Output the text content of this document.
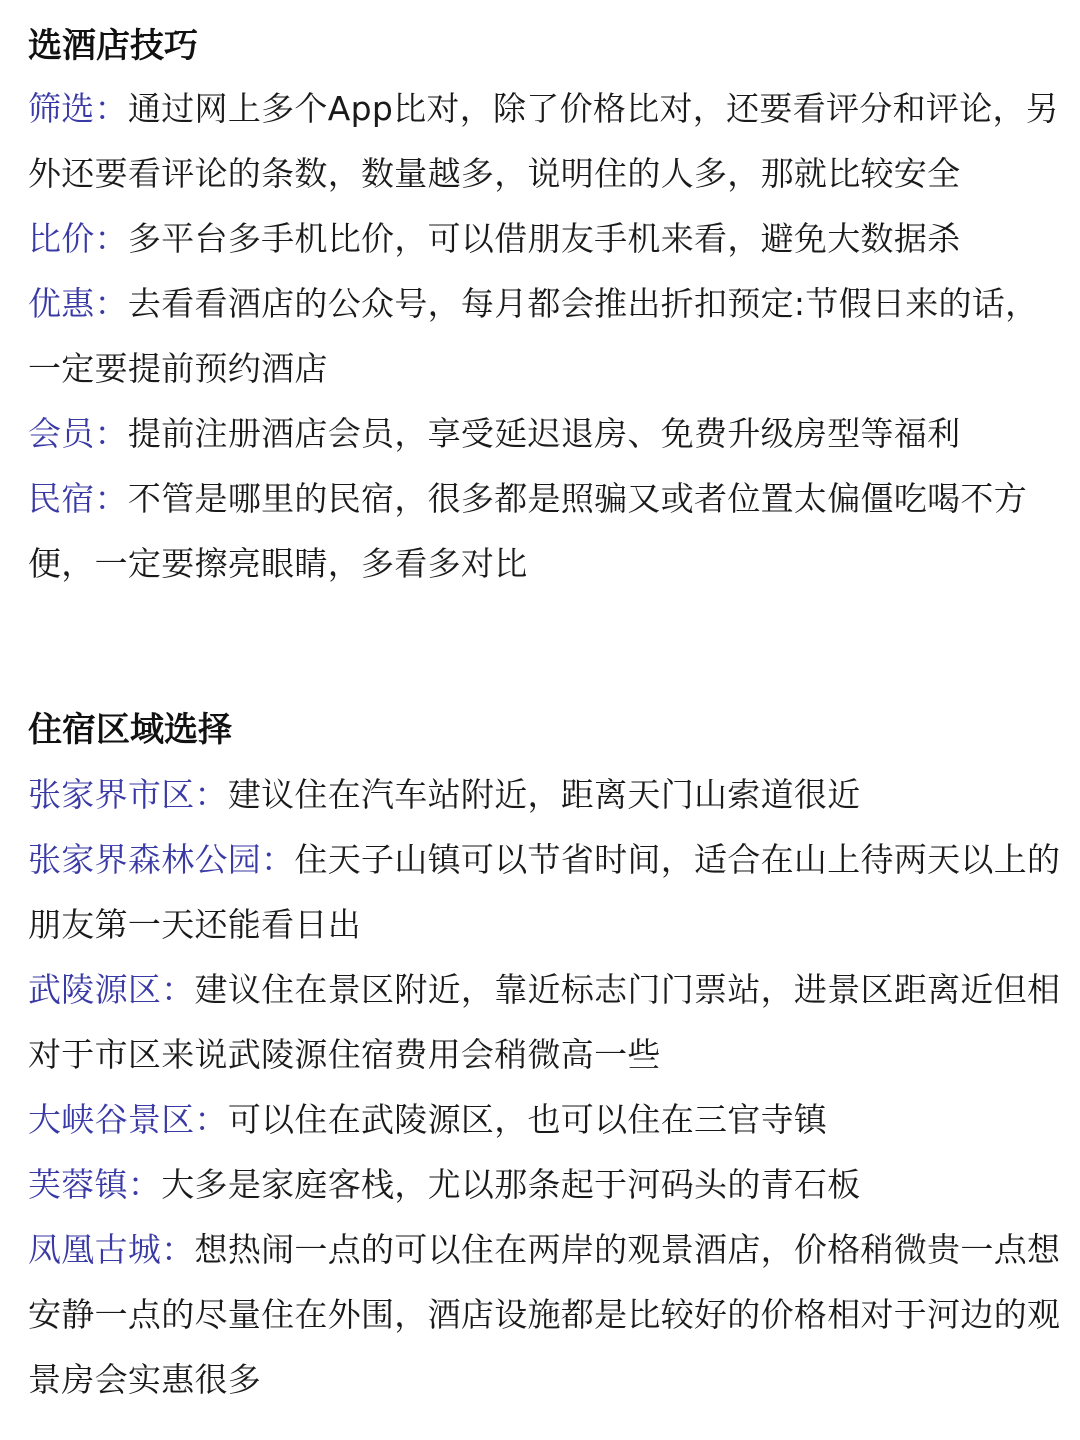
选酒店技巧

筛选：通过网上多个App比对，除了价格比对，还要看评分和评论，另外还要看评论的条数，数量越多，说明住的人多，那就比较安全

比价：多平台多手机比价，可以借朋友手机来看，避免大数据杀

优惠：去看看酒店的公众号，每月都会推出折扣预定:节假日来的话，一定要提前预约酒店

会员：提前注册酒店会员，享受延迟退房、免费升级房型等福利

民宿：不管是哪里的民宿，很多都是照骗又或者位置太偏僵吃喝不方便，一定要擦亮眼睛，多看多对比

住宿区域选择

张家界市区：建议住在汽车站附近，距离天门山索道很近

张家界森林公园：住天子山镇可以节省时间，适合在山上待两天以上的朋友第一天还能看日出

武陵源区：建议住在景区附近，靠近标志门门票站，进景区距离近但相对于市区来说武陵源住宿费用会稍微高一些

大峡谷景区：可以住在武陵源区，也可以住在三官寺镇

芙蓉镇：大多是家庭客栈，尤以那条起于河码头的青石板

凤凰古城：想热闹一点的可以住在两岸的观景酒店，价格稍微贵一点想安静一点的尽量住在外围，酒店设施都是比较好的价格相对于河边的观景房会实惠很多
